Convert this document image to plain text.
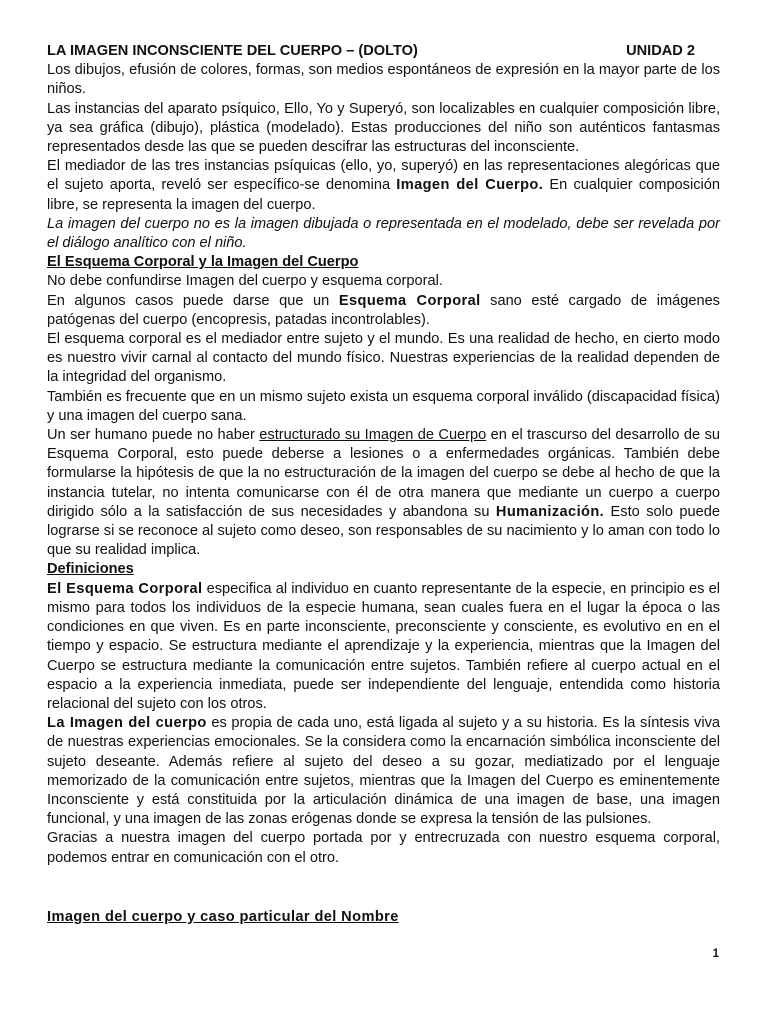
LA IMAGEN INCONSCIENTE DEL CUERPO – (DOLTO)	UNIDAD 2

Los dibujos, efusión de colores, formas, son medios espontáneos de expresión en la mayor parte de los niños.

Las instancias del aparato psíquico, Ello, Yo y Superyó, son localizables en cualquier composición libre, ya sea gráfica (dibujo), plástica (modelado). Estas producciones del niño son auténticos fantasmas representados desde las que se pueden descifrar las estructuras del inconsciente.

El mediador de las tres instancias psíquicas (ello, yo, superyó) en las representaciones alegóricas que el sujeto aporta, reveló ser específico-se denomina Imagen del Cuerpo. En cualquier composición libre, se representa la imagen del cuerpo.

La imagen del cuerpo no es la imagen dibujada o representada en el modelado, debe ser revelada por el diálogo analítico con el niño.

El Esquema Corporal y la Imagen del Cuerpo

No debe confundirse Imagen del cuerpo y esquema corporal.

En algunos casos puede darse que un Esquema Corporal sano esté cargado de imágenes patógenas del cuerpo (encopresis, patadas incontrolables).

El esquema corporal es el mediador entre sujeto y el mundo. Es una realidad de hecho, en cierto modo es nuestro vivir carnal al contacto del mundo físico. Nuestras experiencias de la realidad dependen de la integridad del organismo.

También es frecuente que en un mismo sujeto exista un esquema corporal inválido (discapacidad física) y una imagen del cuerpo sana.

Un ser humano puede no haber estructurado su Imagen de Cuerpo en el trascurso del desarrollo de su Esquema Corporal, esto puede deberse a lesiones o a enfermedades orgánicas. También debe formularse la hipótesis de que la no estructuración de la imagen del cuerpo se debe al hecho de que la instancia tutelar, no intenta comunicarse con él de otra manera que mediante un cuerpo a cuerpo dirigido sólo a la satisfacción de sus necesidades y abandona su Humanización. Esto solo puede lograrse si se reconoce al sujeto como deseo, son responsables de su nacimiento y lo aman con todo lo que su realidad implica.

Definiciones

El Esquema Corporal especifica al individuo en cuanto representante de la especie, en principio es el mismo para todos los individuos de la especie humana, sean cuales fuera en el lugar la época o las condiciones en que viven. Es en parte inconsciente, preconsciente y consciente, es evolutivo en en el tiempo y espacio. Se estructura mediante el aprendizaje y la experiencia, mientras que la Imagen del Cuerpo se estructura mediante la comunicación entre sujetos. También refiere al cuerpo actual en el espacio a la experiencia inmediata, puede ser independiente del lenguaje, entendida como historia relacional del sujeto con los otros.

La Imagen del cuerpo es propia de cada uno, está ligada al sujeto y a su historia. Es la síntesis viva de nuestras experiencias emocionales. Se la considera como la encarnación simbólica inconsciente del sujeto deseante. Además refiere al sujeto del deseo a su gozar, mediatizado por el lenguaje memorizado de la comunicación entre sujetos, mientras que la Imagen del Cuerpo es eminentemente Inconsciente y está constituida por la articulación dinámica de una imagen de base, una imagen funcional, y una imagen de las zonas erógenas donde se expresa la tensión de las pulsiones.

Gracias a nuestra imagen del cuerpo portada por y entrecruzada con nuestro esquema corporal, podemos entrar en comunicación con el otro.

Imagen del cuerpo y caso particular del Nombre
1
